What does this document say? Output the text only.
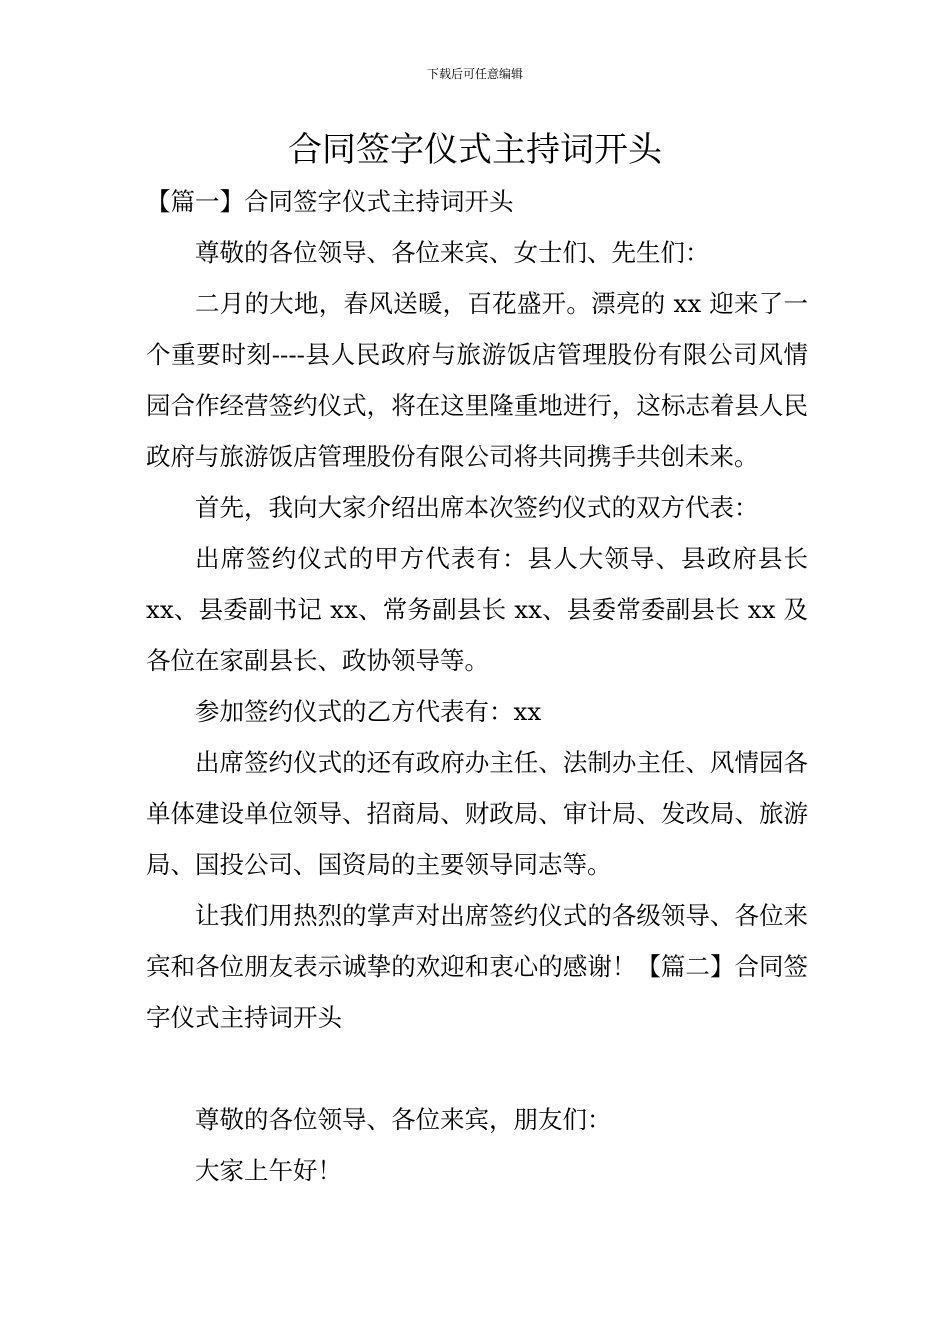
下载后可任意编辑
合同签字仪式主持词开头

【篇一】合同签字仪式主持词开头

尊敬的各位领导、各位来宾、女士们、先生们：

二月的大地，春风送暖，百花盛开。漂亮的 xx 迎来了一个重要时刻----县人民政府与旅游饭店管理股份有限公司风情园合作经营签约仪式，将在这里隆重地进行，这标志着县人民政府与旅游饭店管理股份有限公司将共同携手共创未来。

首先，我向大家介绍出席本次签约仪式的双方代表：

出席签约仪式的甲方代表有：县人大领导、县政府县长 xx、县委副书记 xx、常务副县长 xx、县委常委副县长 xx 及各位在家副县长、政协领导等。

参加签约仪式的乙方代表有：xx

出席签约仪式的还有政府办主任、法制办主任、风情园各单体建设单位领导、招商局、财政局、审计局、发改局、旅游局、国投公司、国资局的主要领导同志等。

让我们用热烈的掌声对出席签约仪式的各级领导、各位来宾和各位朋友表示诚挚的欢迎和衷心的感谢！【篇二】合同签字仪式主持词开头

尊敬的各位领导、各位来宾，朋友们：

大家上午好！
